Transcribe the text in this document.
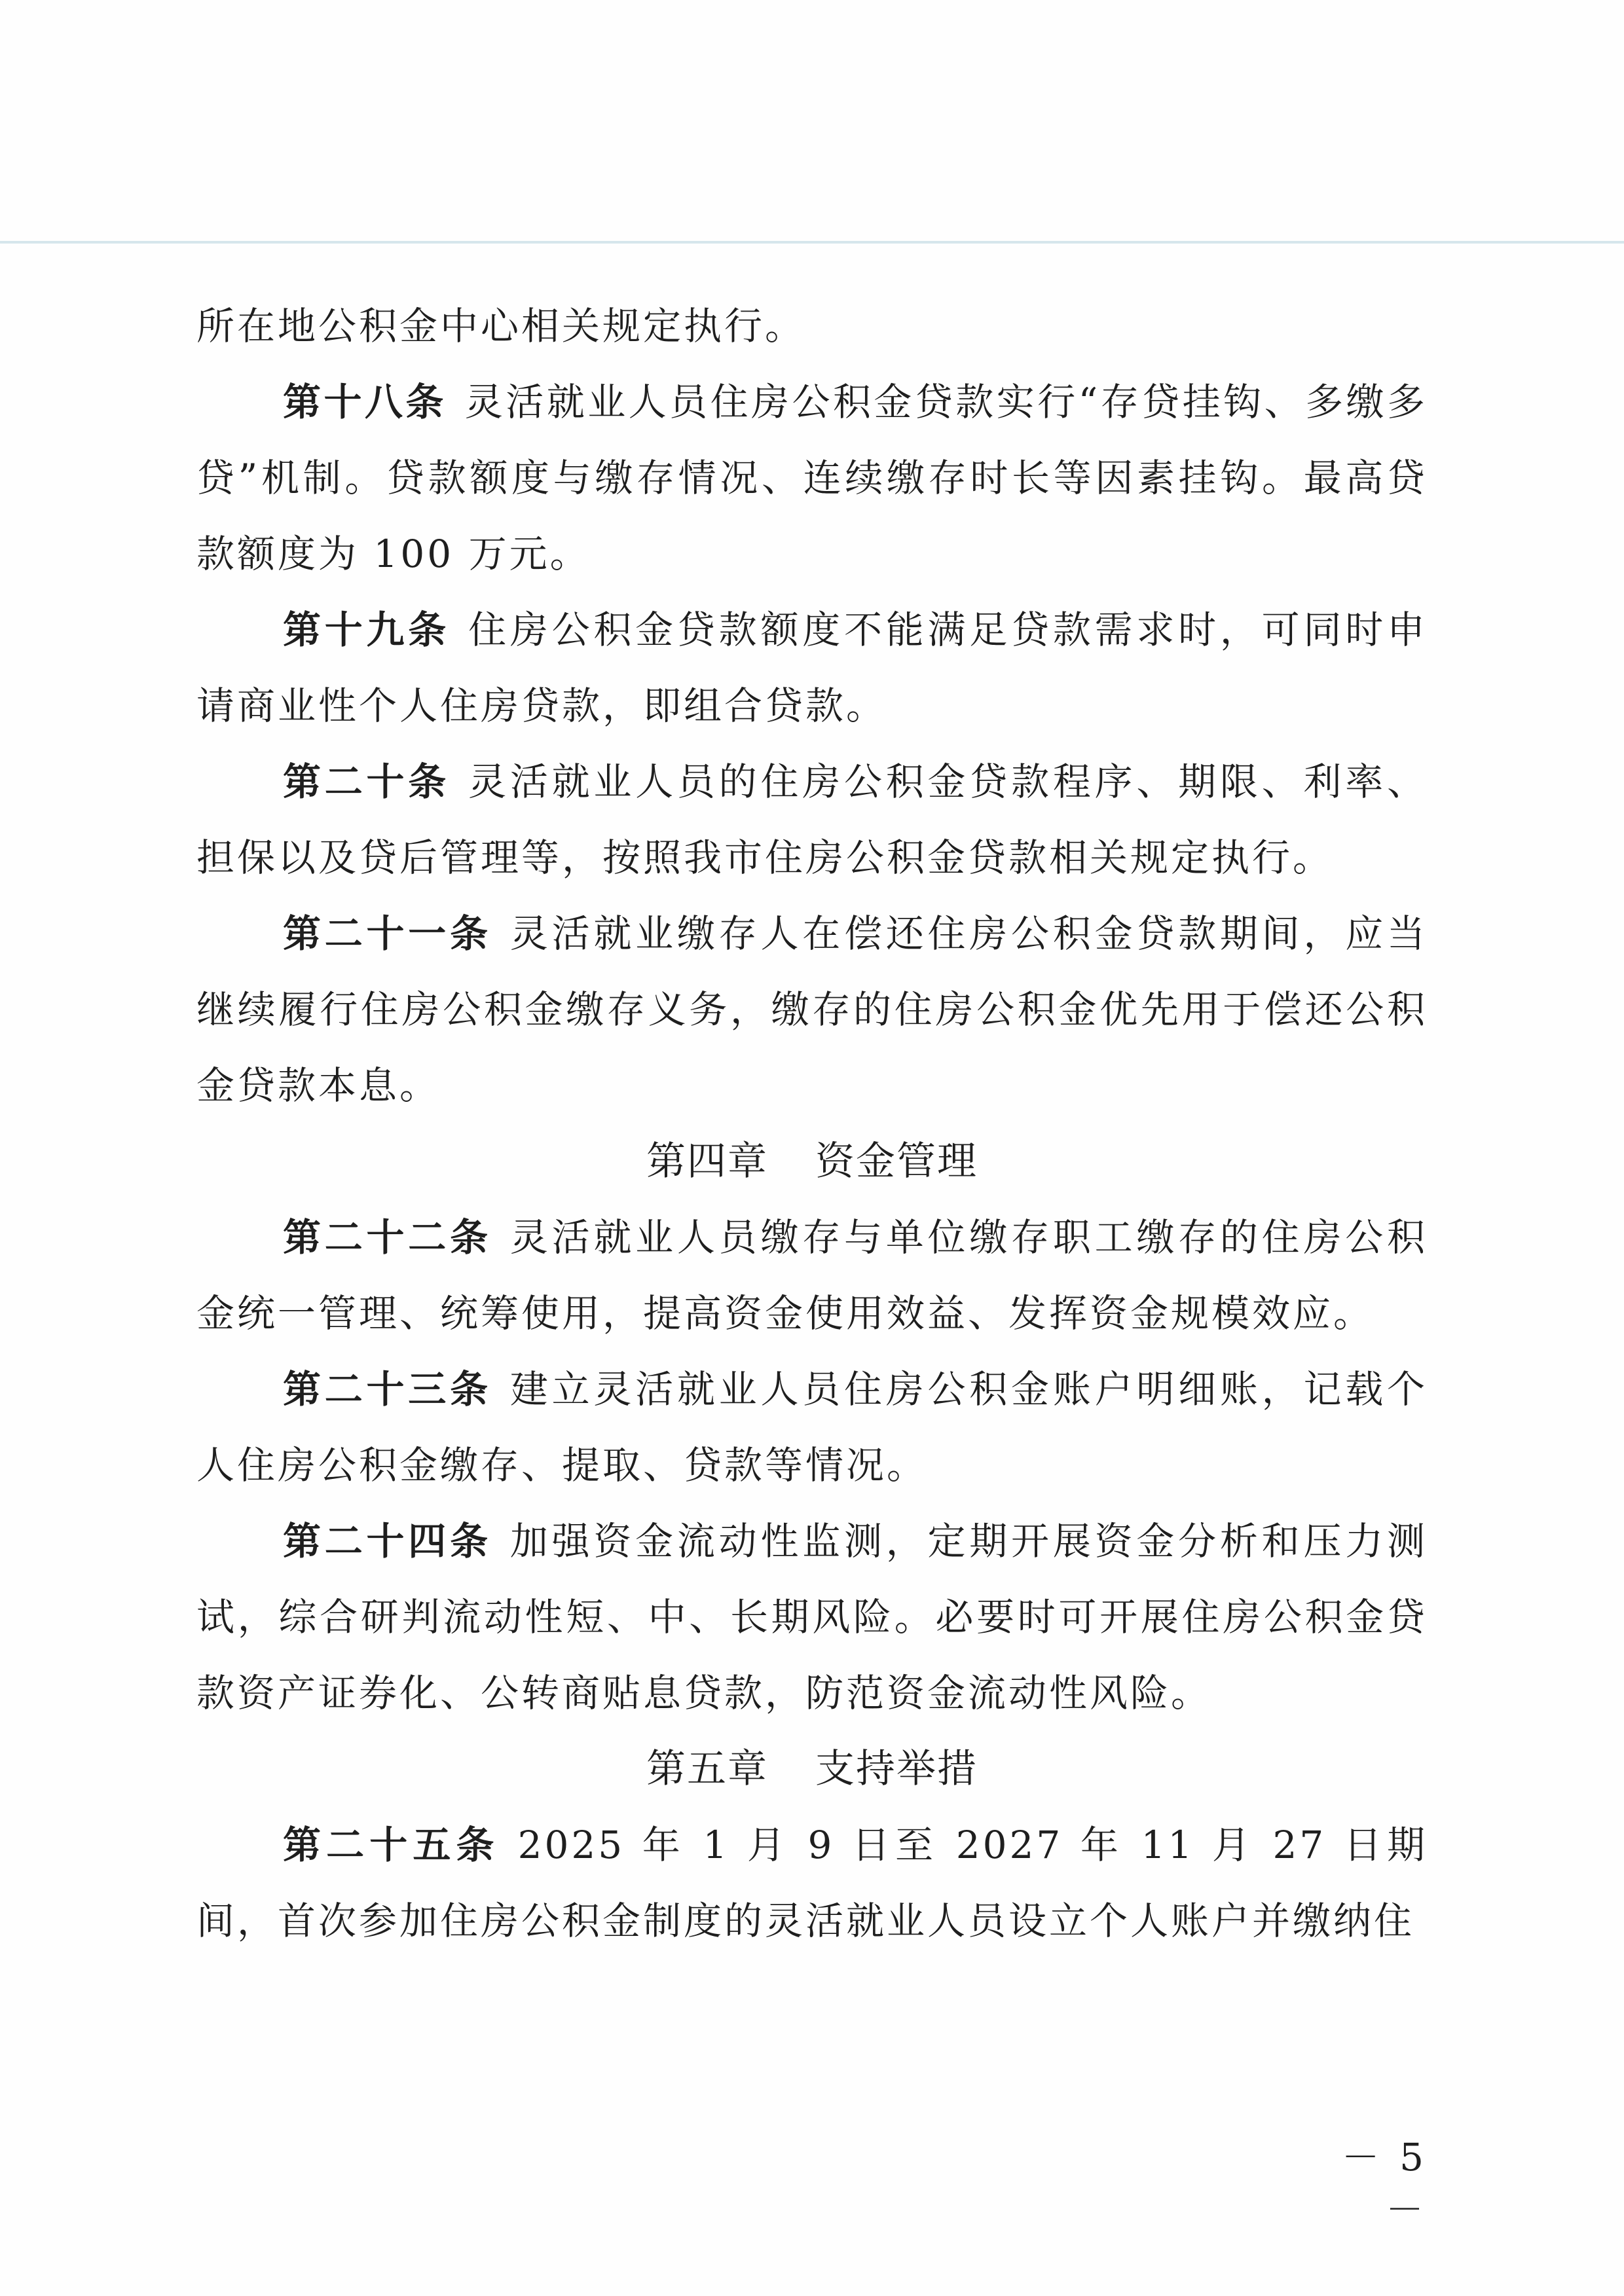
所在地公积金中心相关规定执行。

第十八条 灵活就业人员住房公积金贷款实行“存贷挂钩、多缴多贷”机制。贷款额度与缴存情况、连续缴存时长等因素挂钩。最高贷款额度为 100 万元。

第十九条 住房公积金贷款额度不能满足贷款需求时，可同时申请商业性个人住房贷款，即组合贷款。

第二十条 灵活就业人员的住房公积金贷款程序、期限、利率、担保以及贷后管理等，按照我市住房公积金贷款相关规定执行。

第二十一条 灵活就业缴存人在偿还住房公积金贷款期间，应当继续履行住房公积金缴存义务，缴存的住房公积金优先用于偿还公积金贷款本息。

第四章 资金管理

第二十二条 灵活就业人员缴存与单位缴存职工缴存的住房公积金统一管理、统筹使用，提高资金使用效益、发挥资金规模效应。

第二十三条 建立灵活就业人员住房公积金账户明细账，记载个人住房公积金缴存、提取、贷款等情况。

第二十四条 加强资金流动性监测，定期开展资金分析和压力测试，综合研判流动性短、中、长期风险。必要时可开展住房公积金贷款资产证券化、公转商贴息贷款，防范资金流动性风险。

第五章 支持举措

第二十五条 2025 年 1 月 9 日至 2027 年 11 月 27 日期间，首次参加住房公积金制度的灵活就业人员设立个人账户并缴纳住

－ 5 －
